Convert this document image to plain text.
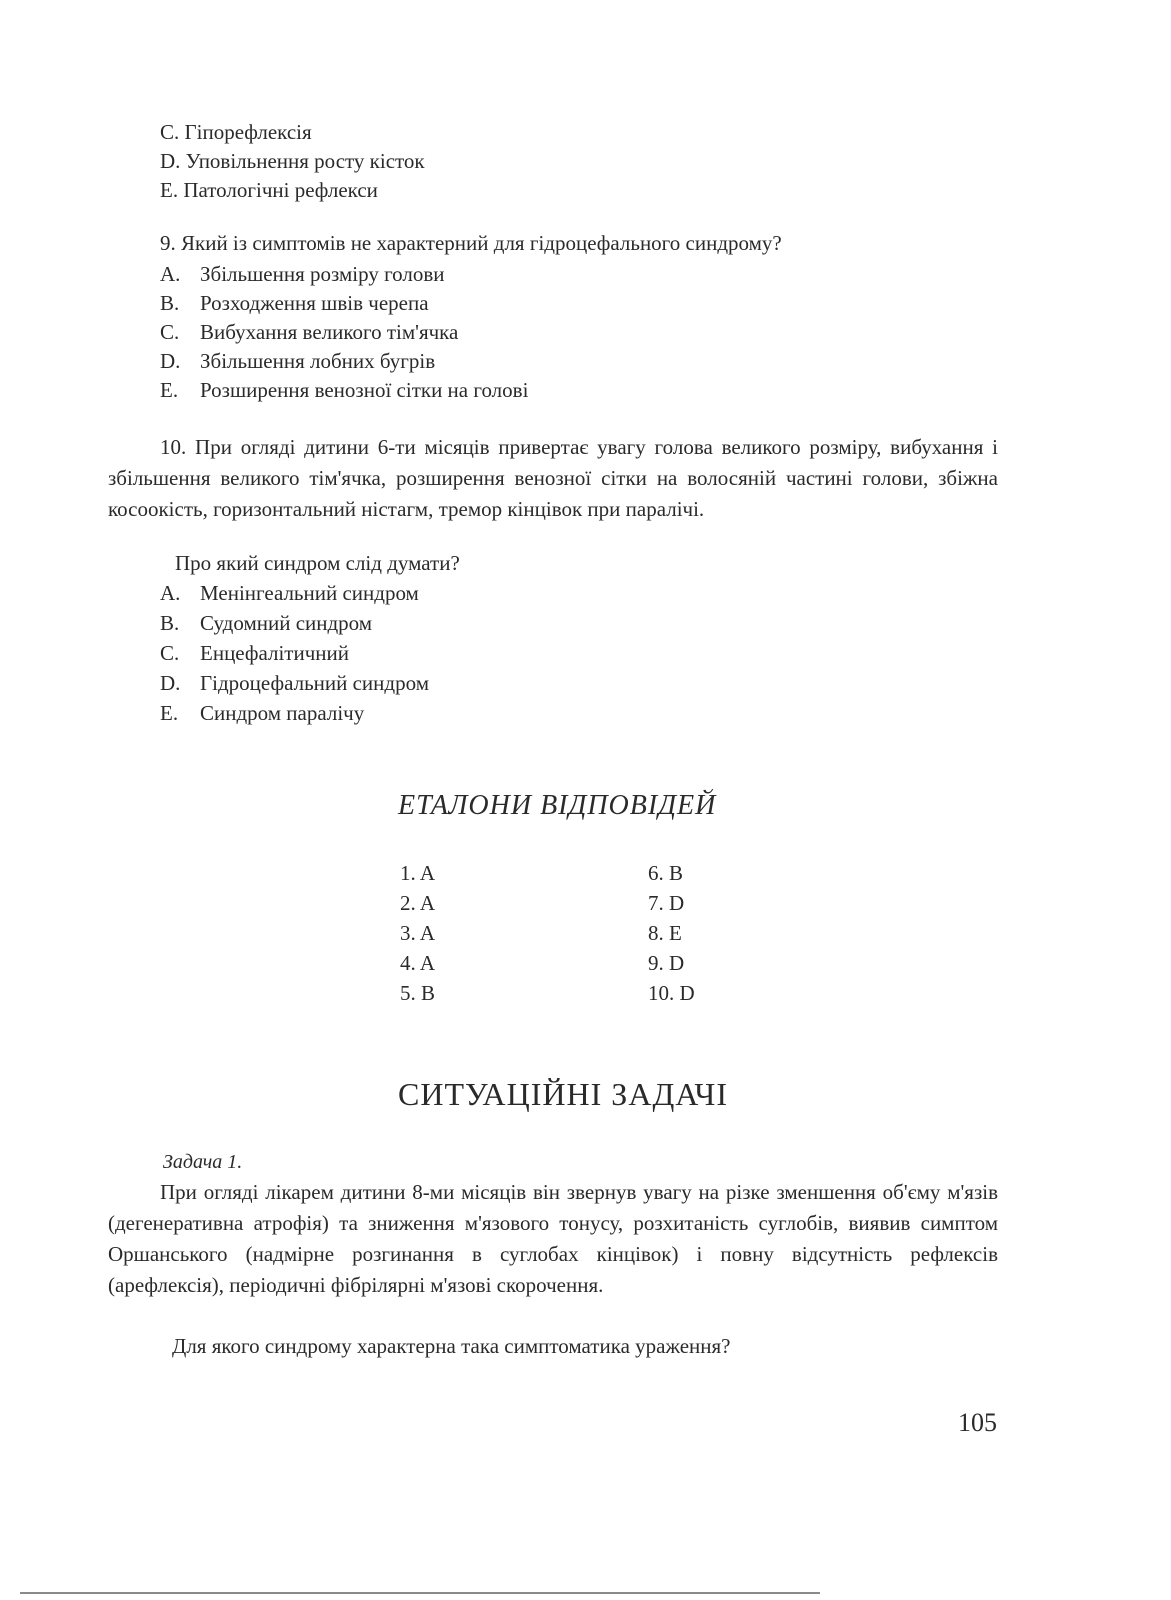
C. Гіпорефлексія
D. Уповільнення росту кісток
E. Патологічні рефлекси
9. Який із симптомів не характерний для гідроцефального синдрому?
A. Збільшення розміру голови
B. Розходження швів черепа
C. Вибухання великого тім'ячка
D. Збільшення лобних бугрів
E. Розширення венозної сітки на голові
10. При огляді дитини 6-ти місяців привертає увагу голова великого розміру, вибухання і збільшення великого тім'ячка, розширення венозної сітки на волосяній частині голови, збіжна косоокість, горизонтальний ністагм, тремор кінцівок при паралічі.
Про який синдром слід думати?
A. Менінгеальний синдром
B. Судомний синдром
C. Енцефалітичний
D. Гідроцефальний синдром
E. Синдром паралічу
ЕТАЛОНИ ВІДПОВІДЕЙ
1. A	6. B
2. A	7. D
3. A	8. E
4. A	9. D
5. B	10. D
СИТУАЦІЙНІ ЗАДАЧІ
Задача 1.
При огляді лікарем дитини 8-ми місяців він звернув увагу на різке зменшення об'єму м'язів (дегенеративна атрофія) та зниження м'язового тонусу, розхитаність суглобів, виявив симптом Оршанського (надмірне розгинання в суглобах кінцівок) і повну відсутність рефлексів (арефлексія), періодичні фібрілярні м'язові скорочення.
Для якого синдрому характерна така симптоматика ураження?
105
